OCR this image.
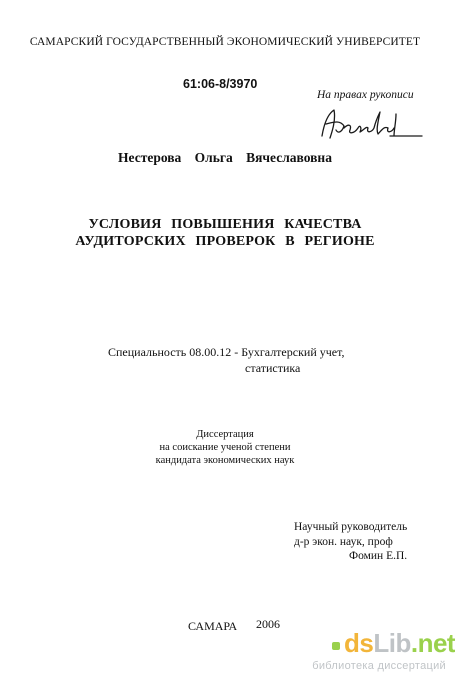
САМАРСКИЙ ГОСУДАРСТВЕННЫЙ ЭКОНОМИЧЕСКИЙ УНИВЕРСИТЕТ
61:06-8/3970
На правах рукописи
Нестерова Ольга Вячеславовна
УСЛОВИЯ ПОВЫШЕНИЯ КАЧЕСТВА
АУДИТОРСКИХ ПРОВЕРОК В РЕГИОНЕ
Специальность 08.00.12 - Бухгалтерский учет,
статистика
Диссертация
на соискание ученой степени
кандидата экономических наук
Научный руководитель
д-р экон. наук, проф
Фомин Е.П.
САМАРА 2006
dsLib.net
библиотека диссертаций
